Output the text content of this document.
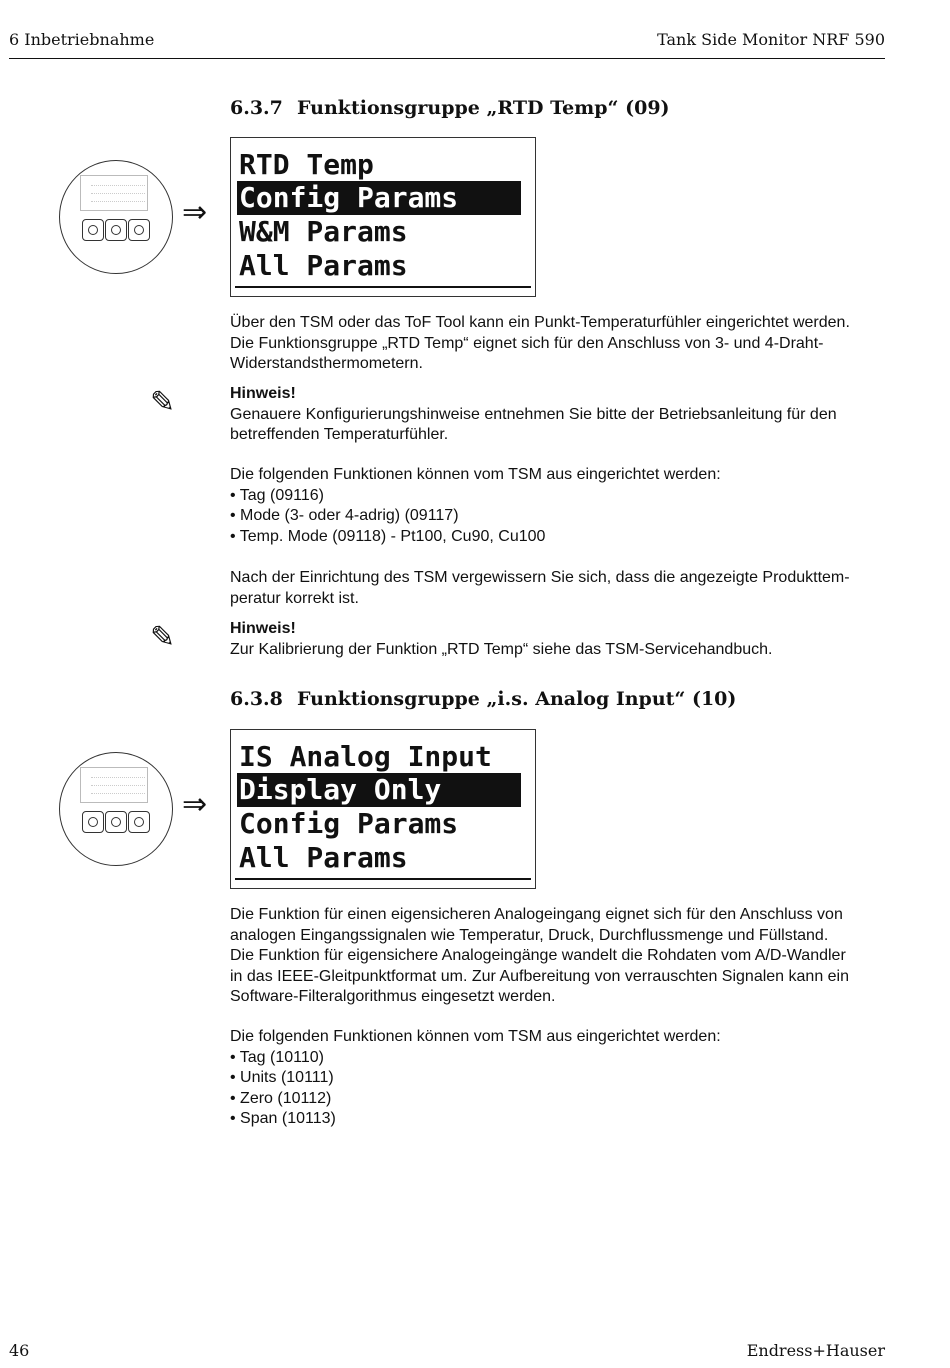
6 Inbetriebnahme	Tank Side Monitor NRF 590
6.3.7 Funktionsgruppe „RTD Temp“ (09)
⇒
RTD Temp
Config Params
W&M Params
All Params

Über den TSM oder das ToF Tool kann ein Punkt-Temperaturfühler eingerichtet werden.

Die Funktionsgruppe „RTD Temp“ eignet sich für den Anschluss von 3- und 4-Draht-

Widerstandsthermometern.

✎	Hinweis!

Genauere Konfigurierungshinweise entnehmen Sie bitte der Betriebsanleitung für den

betreffenden Temperaturfühler.

Die folgenden Funktionen können vom TSM aus eingerichtet werden:

• Tag (09116)

• Mode (3- oder 4-adrig) (09117)

• Temp. Mode (09118) - Pt100, Cu90, Cu100

Nach der Einrichtung des TSM vergewissern Sie sich, dass die angezeigte Produkttem-

peratur korrekt ist.

✎	Hinweis!

Zur Kalibrierung der Funktion „RTD Temp“ siehe das TSM-Servicehandbuch.

6.3.8 Funktionsgruppe „i.s. Analog Input“ (10)
⇒
IS Analog Input
Display Only
Config Params
All Params

Die Funktion für einen eigensicheren Analogeingang eignet sich für den Anschluss von

analogen Eingangssignalen wie Temperatur, Druck, Durchflussmenge und Füllstand.

Die Funktion für eigensichere Analogeingänge wandelt die Rohdaten vom A/D-Wandler

in das IEEE-Gleitpunktformat um. Zur Aufbereitung von verrauschten Signalen kann ein

Software-Filteralgorithmus eingesetzt werden.

Die folgenden Funktionen können vom TSM aus eingerichtet werden:

• Tag (10110)

• Units (10111)

• Zero (10112)

• Span (10113)

46	Endress+Hauser
